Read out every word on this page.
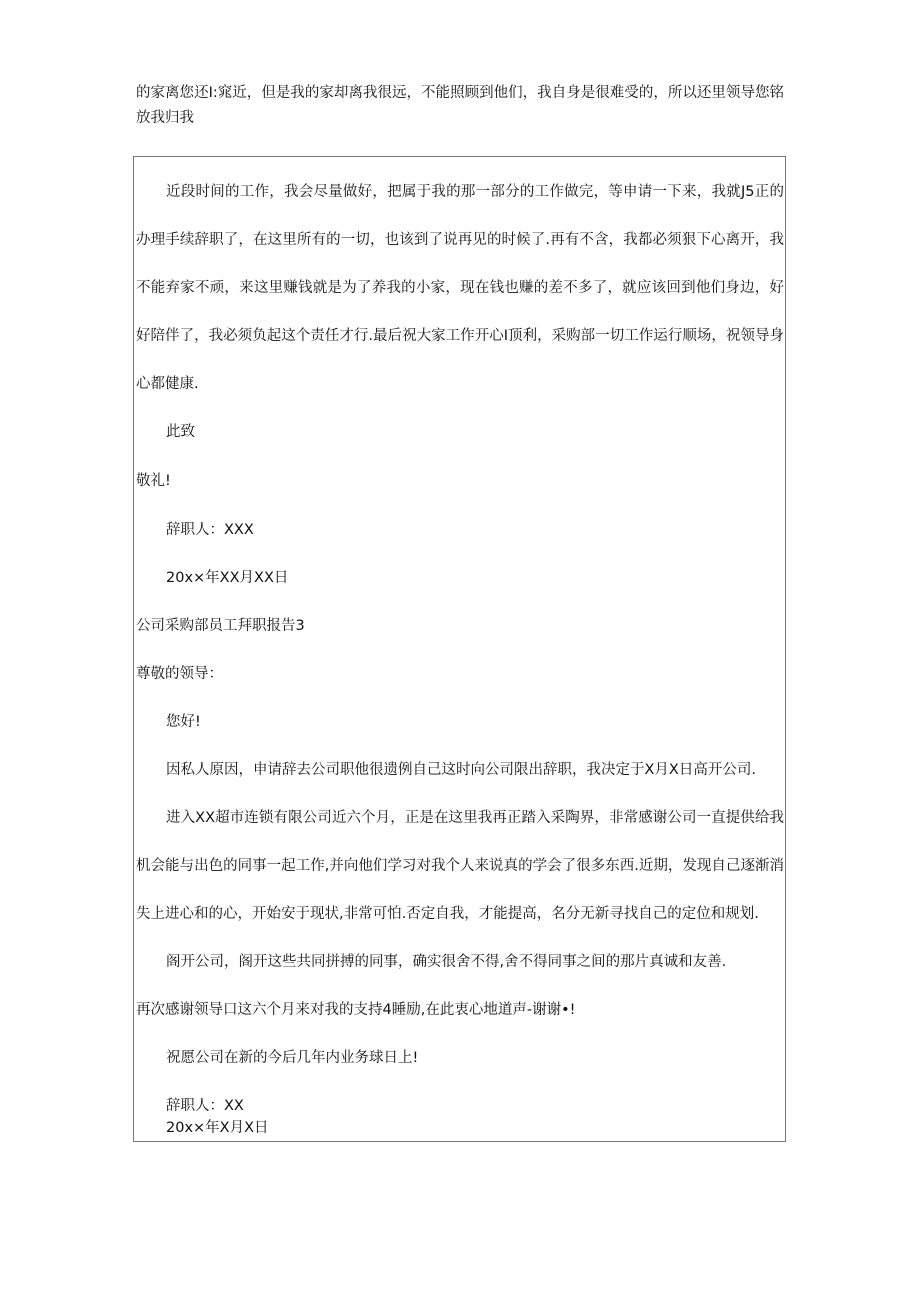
的家离您还I:窕近，但是我的家却离我很远，不能照顾到他们，我自身是很难受的，所以还里领导您铭
放我归我
近段时间的工作，我会尽量做好，把属于我的那一部分的工作做完，等申请一下来，我就J5正的
办理手续辞职了，在这里所有的一切，也该到了说再见的时候了.再有不含，我都必须狠下心离开，我
不能弃家不顽，来这里赚钱就是为了养我的小家，现在钱也赚的差不多了，就应该回到他们身边，好
好陪伴了，我必须负起这个责任才行.最后祝大家工作开心I顶利，采购部一切工作运行顺场，祝领导身
心都健康.
此致
敬礼!
辞职人：XXX
20x×年XX月XX日
公司采购部员工拜职报告3
尊敬的领导：
您好!
因私人原因，申请辞去公司职他很遗例自己这时向公司限出辞职，我决定于X月X日高开公司.
进入XX超市连锁有限公司近六个月，正是在这里我再正踏入采陶界，非常感谢公司一直提供给我
机会能与出色的同事一起工作,并向他们学习对我个人来说真的学会了很多东西.近期，发现自己逐渐消
失上进心和的心，开始安于现状,非常可怕.否定自我，才能提高，名分无新寻找自己的定位和规划.
阁开公司，阁开这些共同拼搏的同事，确实很舍不得,舍不得同事之间的那片真诚和友善.
再次感谢领导口这六个月来对我的支持4睡励,在此衷心地道声-谢谢•!
祝愿公司在新的今后几年内业务球日上!
辞职人：XX
20x×年X月X日
